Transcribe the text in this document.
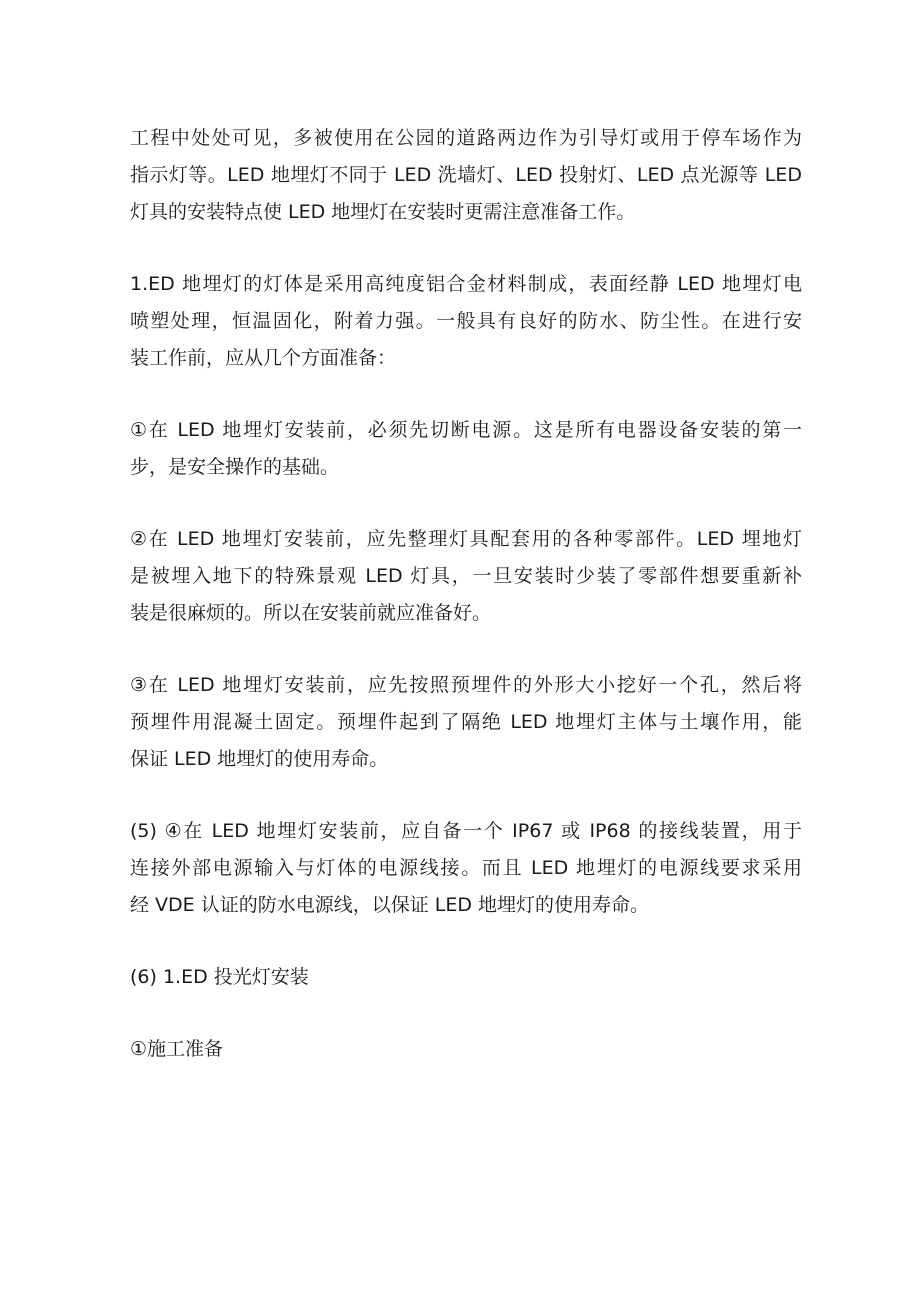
工程中处处可见，多被使用在公园的道路两边作为引导灯或用于停车场作为
指示灯等。LED 地埋灯不同于 LED 洗墙灯、LED 投射灯、LED 点光源等 LED
灯具的安装特点使 LED 地埋灯在安装时更需注意准备工作。
1.ED 地埋灯的灯体是采用高纯度铝合金材料制成，表面经静 LED 地埋灯电
喷塑处理，恒温固化，附着力强。一般具有良好的防水、防尘性。在进行安
装工作前，应从几个方面准备：
①在 LED 地埋灯安装前，必须先切断电源。这是所有电器设备安装的第一
步，是安全操作的基础。
②在 LED 地埋灯安装前，应先整理灯具配套用的各种零部件。LED 埋地灯
是被埋入地下的特殊景观 LED 灯具，一旦安装时少装了零部件想要重新补
装是很麻烦的。所以在安装前就应准备好。
③在 LED 地埋灯安装前，应先按照预埋件的外形大小挖好一个孔，然后将
预埋件用混凝土固定。预埋件起到了隔绝 LED 地埋灯主体与土壤作用，能
保证 LED 地埋灯的使用寿命。
(5) ④在 LED 地埋灯安装前，应自备一个 IP67 或 IP68 的接线装置，用于
连接外部电源输入与灯体的电源线接。而且 LED 地埋灯的电源线要求采用
经 VDE 认证的防水电源线，以保证 LED 地埋灯的使用寿命。
(6) 1.ED 投光灯安装
①施工准备
